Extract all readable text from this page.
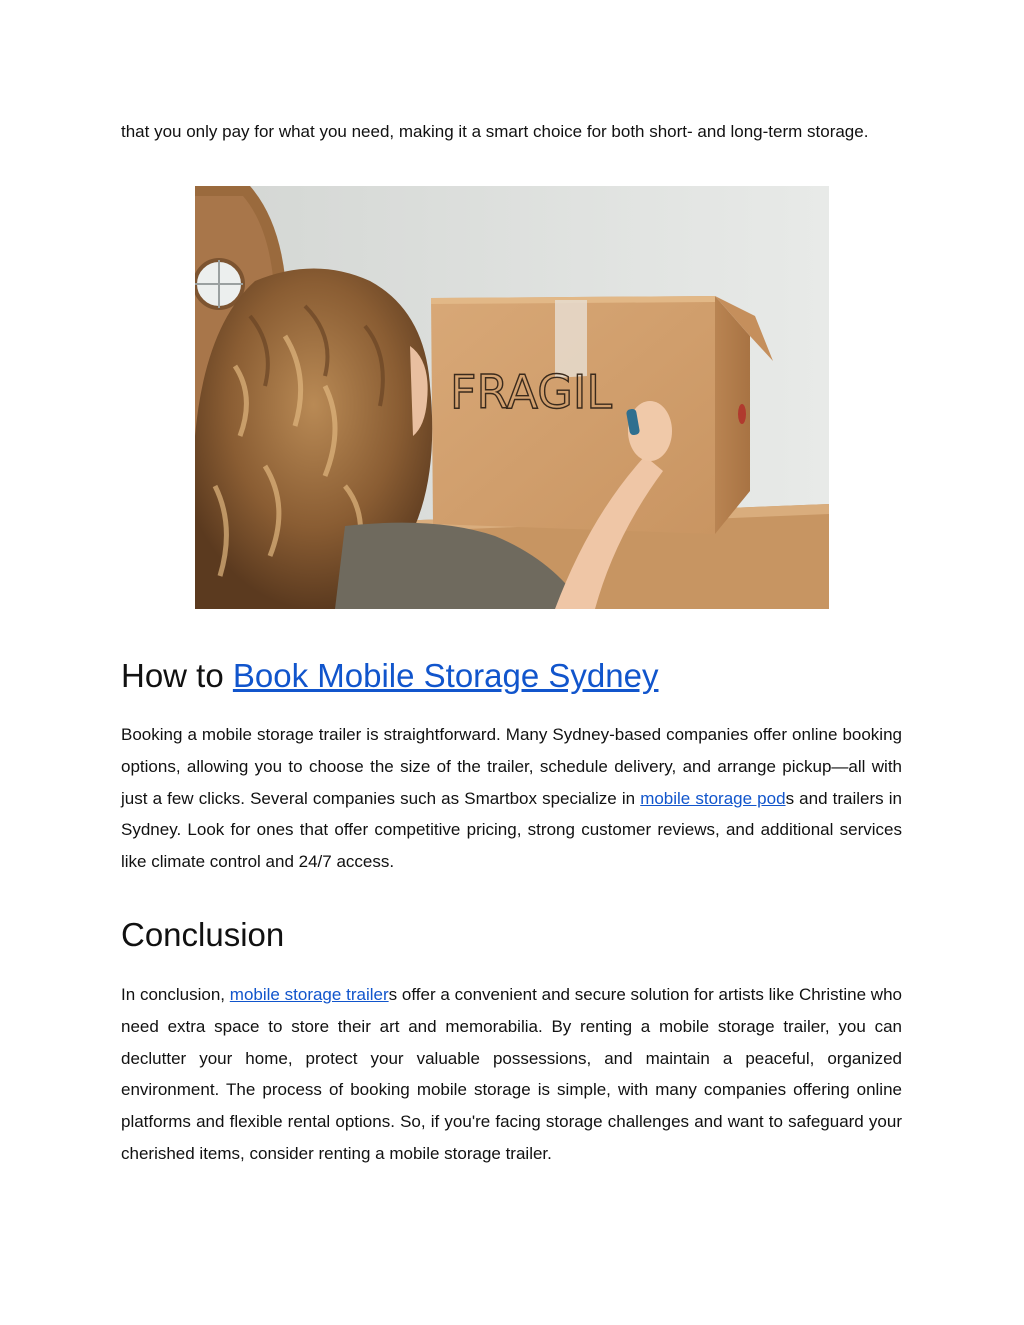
that you only pay for what you need, making it a smart choice for both short- and long-term storage.

FRAGIL
How to Book Mobile Storage Sydney

Booking a mobile storage trailer is straightforward. Many Sydney-based companies offer online booking options, allowing you to choose the size of the trailer, schedule delivery, and arrange pickup—all with just a few clicks. Several companies such as Smartbox specialize in mobile storage pods and trailers in Sydney. Look for ones that offer competitive pricing, strong customer reviews, and additional services like climate control and 24/7 access.

Conclusion

In conclusion, mobile storage trailers offer a convenient and secure solution for artists like Christine who need extra space to store their art and memorabilia. By renting a mobile storage trailer, you can declutter your home, protect your valuable possessions, and maintain a peaceful, organized environment. The process of booking mobile storage is simple, with many companies offering online platforms and flexible rental options. So, if you're facing storage challenges and want to safeguard your cherished items, consider renting a mobile storage trailer.
